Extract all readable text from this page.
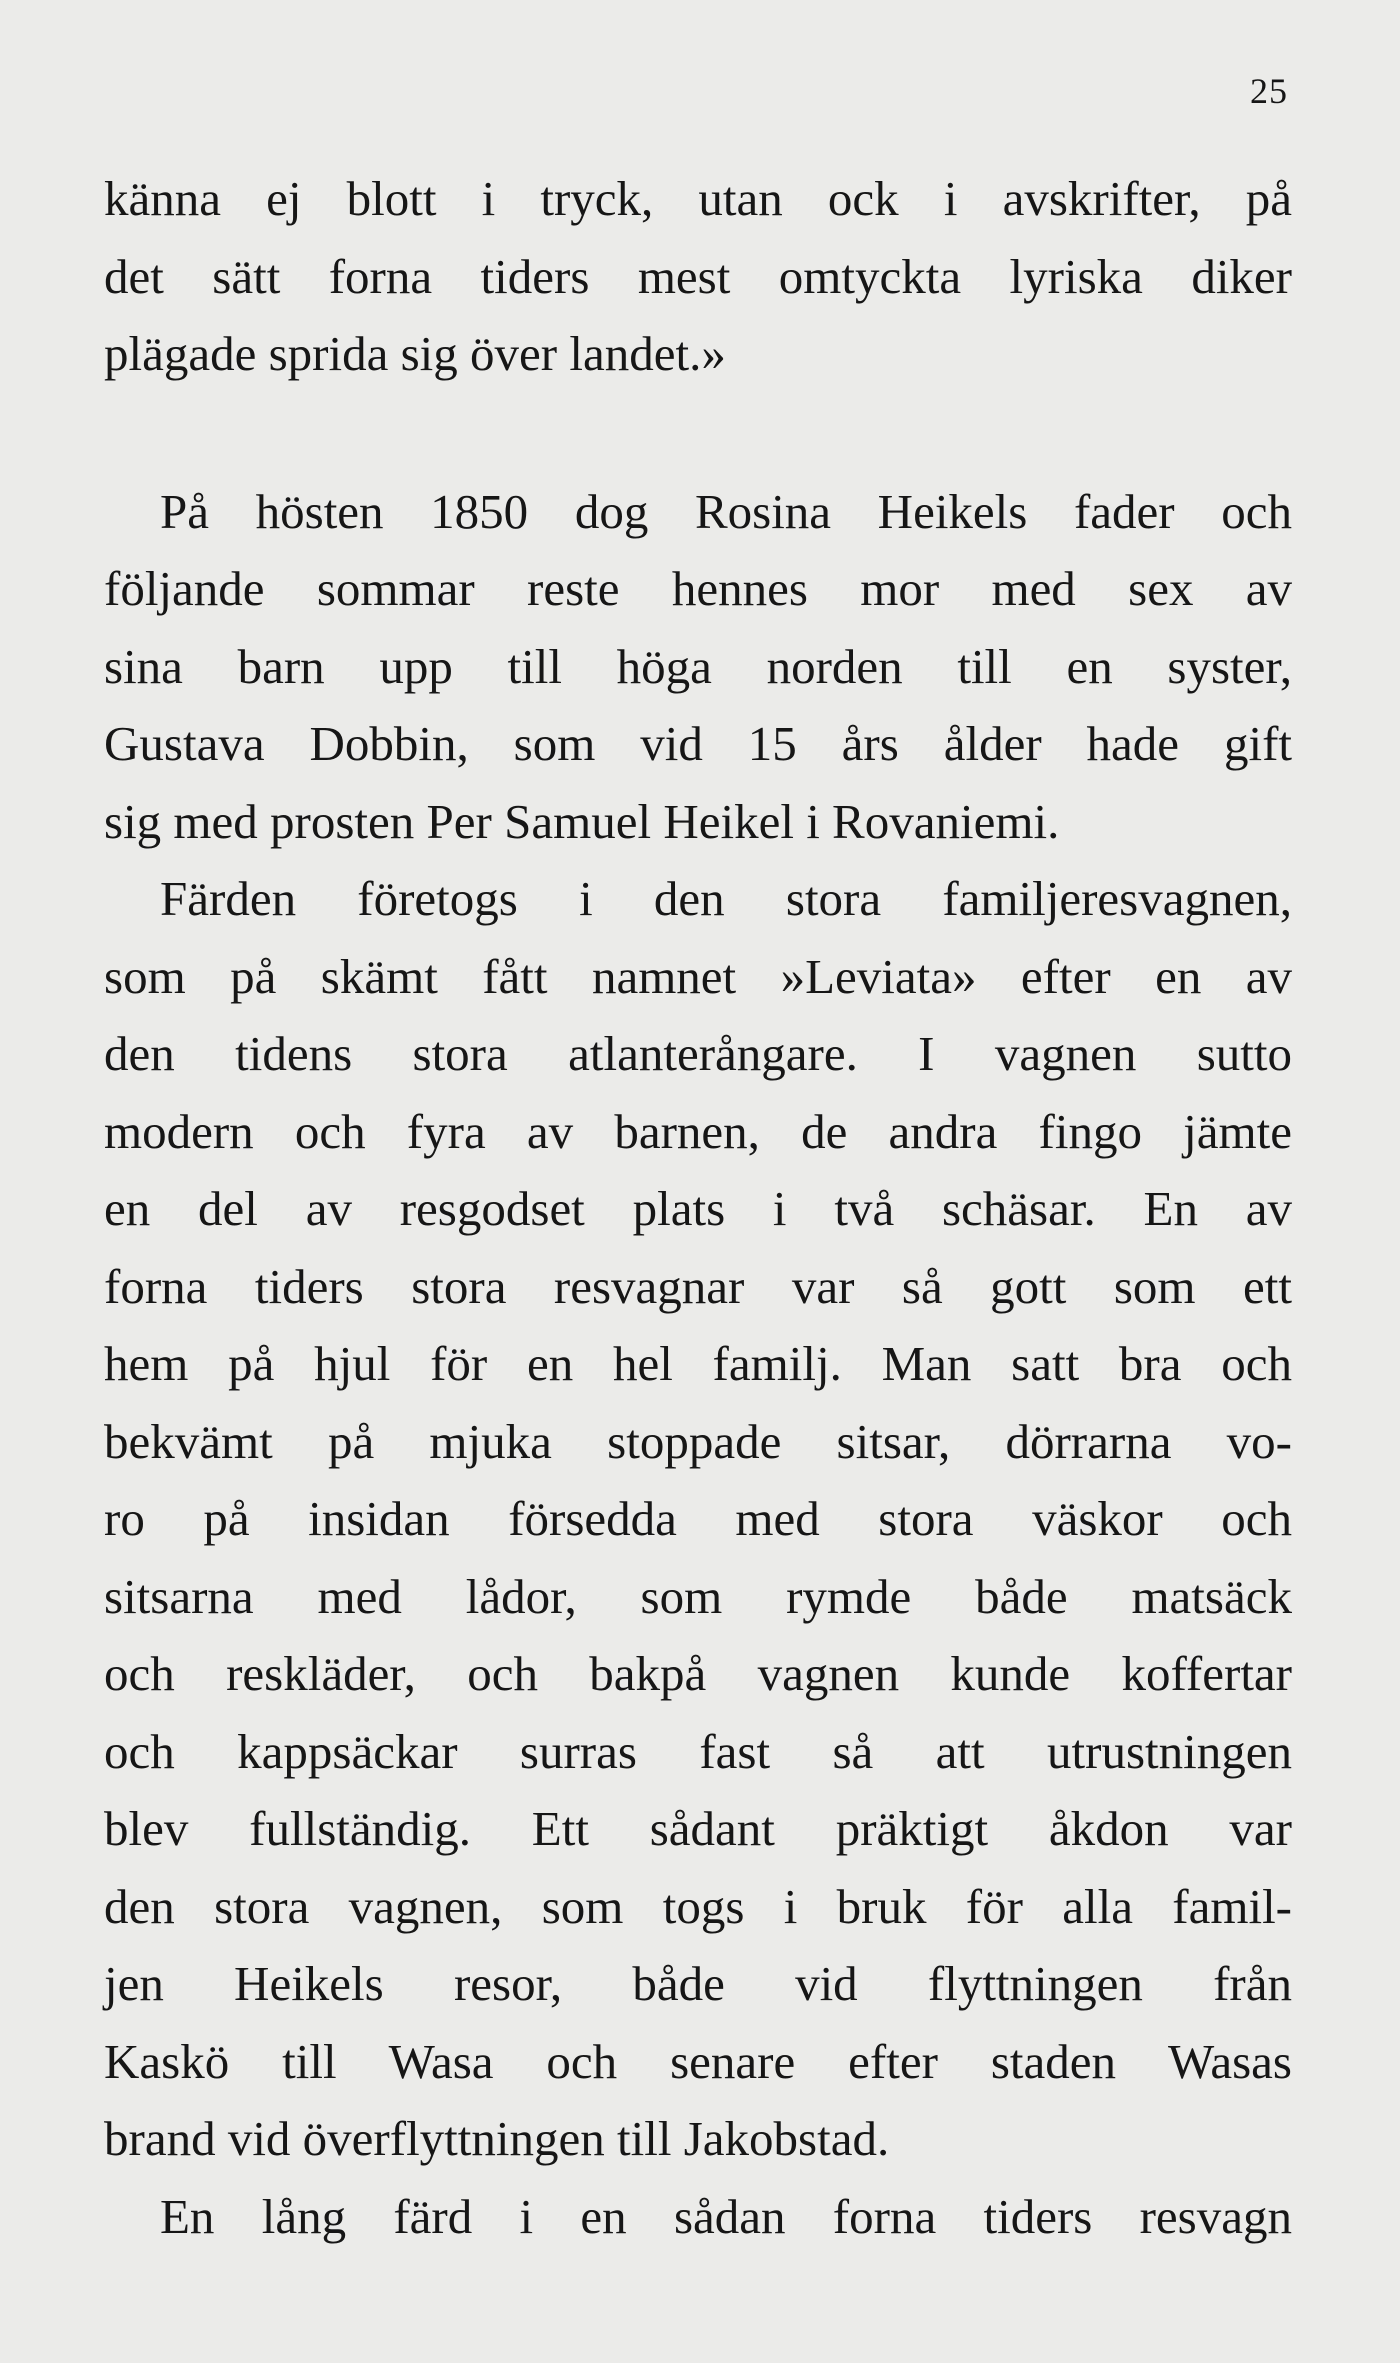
25
känna ej blott i tryck, utan ock i avskrifter, på
det sätt forna tiders mest omtyckta lyriska diker
plägade sprida sig över landet.»
På hösten 1850 dog Rosina Heikels fader och
följande sommar reste hennes mor med sex av
sina barn upp till höga norden till en syster,
Gustava Dobbin, som vid 15 års ålder hade gift
sig med prosten Per Samuel Heikel i Rovaniemi.
Färden företogs i den stora familjeresvagnen,
som på skämt fått namnet »Leviata» efter en av
den tidens stora atlanterångare. I vagnen sutto
modern och fyra av barnen, de andra fingo jämte
en del av resgodset plats i två schäsar. En av
forna tiders stora resvagnar var så gott som ett
hem på hjul för en hel familj. Man satt bra och
bekvämt på mjuka stoppade sitsar, dörrarna vo-
ro på insidan försedda med stora väskor och
sitsarna med lådor, som rymde både matsäck
och reskläder, och bakpå vagnen kunde koffertar
och kappsäckar surras fast så att utrustningen
blev fullständig. Ett sådant präktigt åkdon var
den stora vagnen, som togs i bruk för alla famil-
jen Heikels resor, både vid flyttningen från
Kaskö till Wasa och senare efter staden Wasas
brand vid överflyttningen till Jakobstad.
En lång färd i en sådan forna tiders resvagn
